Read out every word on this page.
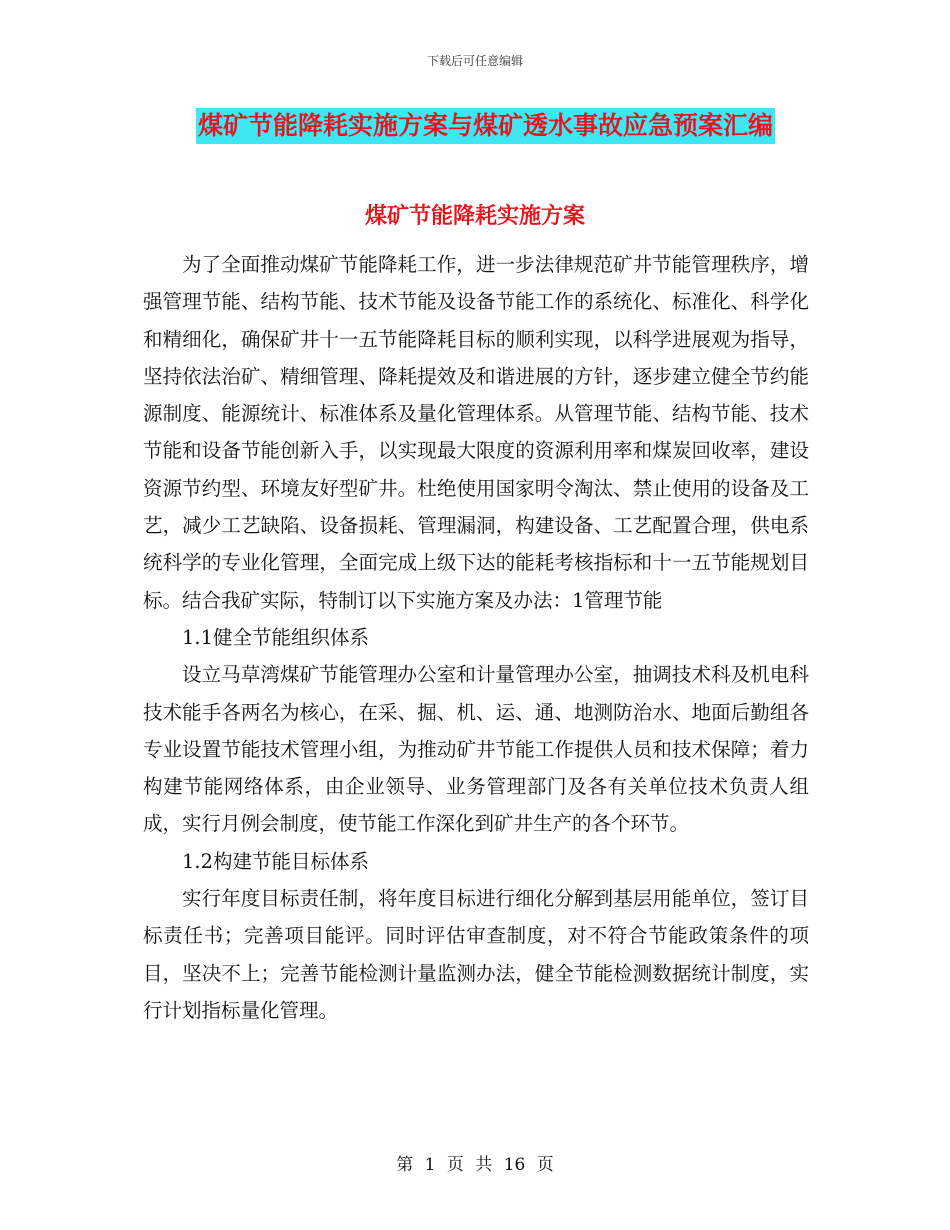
下载后可任意编辑
煤矿节能降耗实施方案与煤矿透水事故应急预案汇编
煤矿节能降耗实施方案

为了全面推动煤矿节能降耗工作，进一步法律规范矿井节能管理秩序，增强管理节能、结构节能、技术节能及设备节能工作的系统化、标准化、科学化和精细化，确保矿井十一五节能降耗目标的顺利实现，以科学进展观为指导，坚持依法治矿、精细管理、降耗提效及和谐进展的方针，逐步建立健全节约能源制度、能源统计、标准体系及量化管理体系。从管理节能、结构节能、技术节能和设备节能创新入手，以实现最大限度的资源利用率和煤炭回收率，建设资源节约型、环境友好型矿井。杜绝使用国家明令淘汰、禁止使用的设备及工艺，减少工艺缺陷、设备损耗、管理漏洞，构建设备、工艺配置合理，供电系统科学的专业化管理，全面完成上级下达的能耗考核指标和十一五节能规划目标。结合我矿实际，特制订以下实施方案及办法：1管理节能

1.1健全节能组织体系

设立马草湾煤矿节能管理办公室和计量管理办公室，抽调技术科及机电科技术能手各两名为核心，在采、掘、机、运、通、地测防治水、地面后勤组各专业设置节能技术管理小组，为推动矿井节能工作提供人员和技术保障；着力构建节能网络体系，由企业领导、业务管理部门及各有关单位技术负责人组成，实行月例会制度，使节能工作深化到矿井生产的各个环节。

1.2构建节能目标体系

实行年度目标责任制，将年度目标进行细化分解到基层用能单位，签订目标责任书；完善项目能评。同时评估审查制度，对不符合节能政策条件的项目，坚决不上；完善节能检测计量监测办法，健全节能检测数据统计制度，实行计划指标量化管理。

第 1 页 共 16 页
